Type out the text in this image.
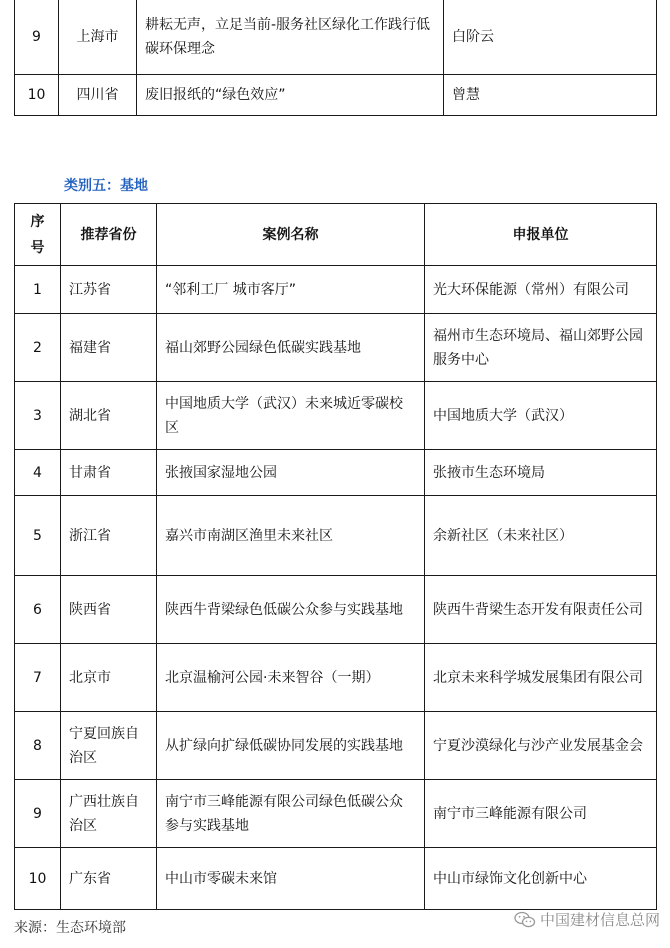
9	上海市	耕耘无声，立足当前-服务社区绿化工作践行低碳环保理念	白阶云
10	四川省	废旧报纸的“绿色效应”	曾慧
类别五：基地
序号	推荐省份	案例名称	申报单位
1	江苏省	“邻利工厂 城市客厅”	光大环保能源（常州）有限公司
2	福建省	福山郊野公园绿色低碳实践基地	福州市生态环境局、福山郊野公园服务中心
3	湖北省	中国地质大学（武汉）未来城近零碳校区	中国地质大学（武汉）
4	甘肃省	张掖国家湿地公园	张掖市生态环境局
5	浙江省	嘉兴市南湖区渔里未来社区	余新社区（未来社区）
6	陕西省	陕西牛背梁绿色低碳公众参与实践基地	陕西牛背梁生态开发有限责任公司
7	北京市	北京温榆河公园·未来智谷（一期）	北京未来科学城发展集团有限公司
8	宁夏回族自治区	从扩绿向扩绿低碳协同发展的实践基地	宁夏沙漠绿化与沙产业发展基金会
9	广西壮族自治区	南宁市三峰能源有限公司绿色低碳公众参与实践基地	南宁市三峰能源有限公司
10	广东省	中山市零碳未来馆	中山市绿饰文化创新中心
来源：生态环境部	中国建材信息总网
